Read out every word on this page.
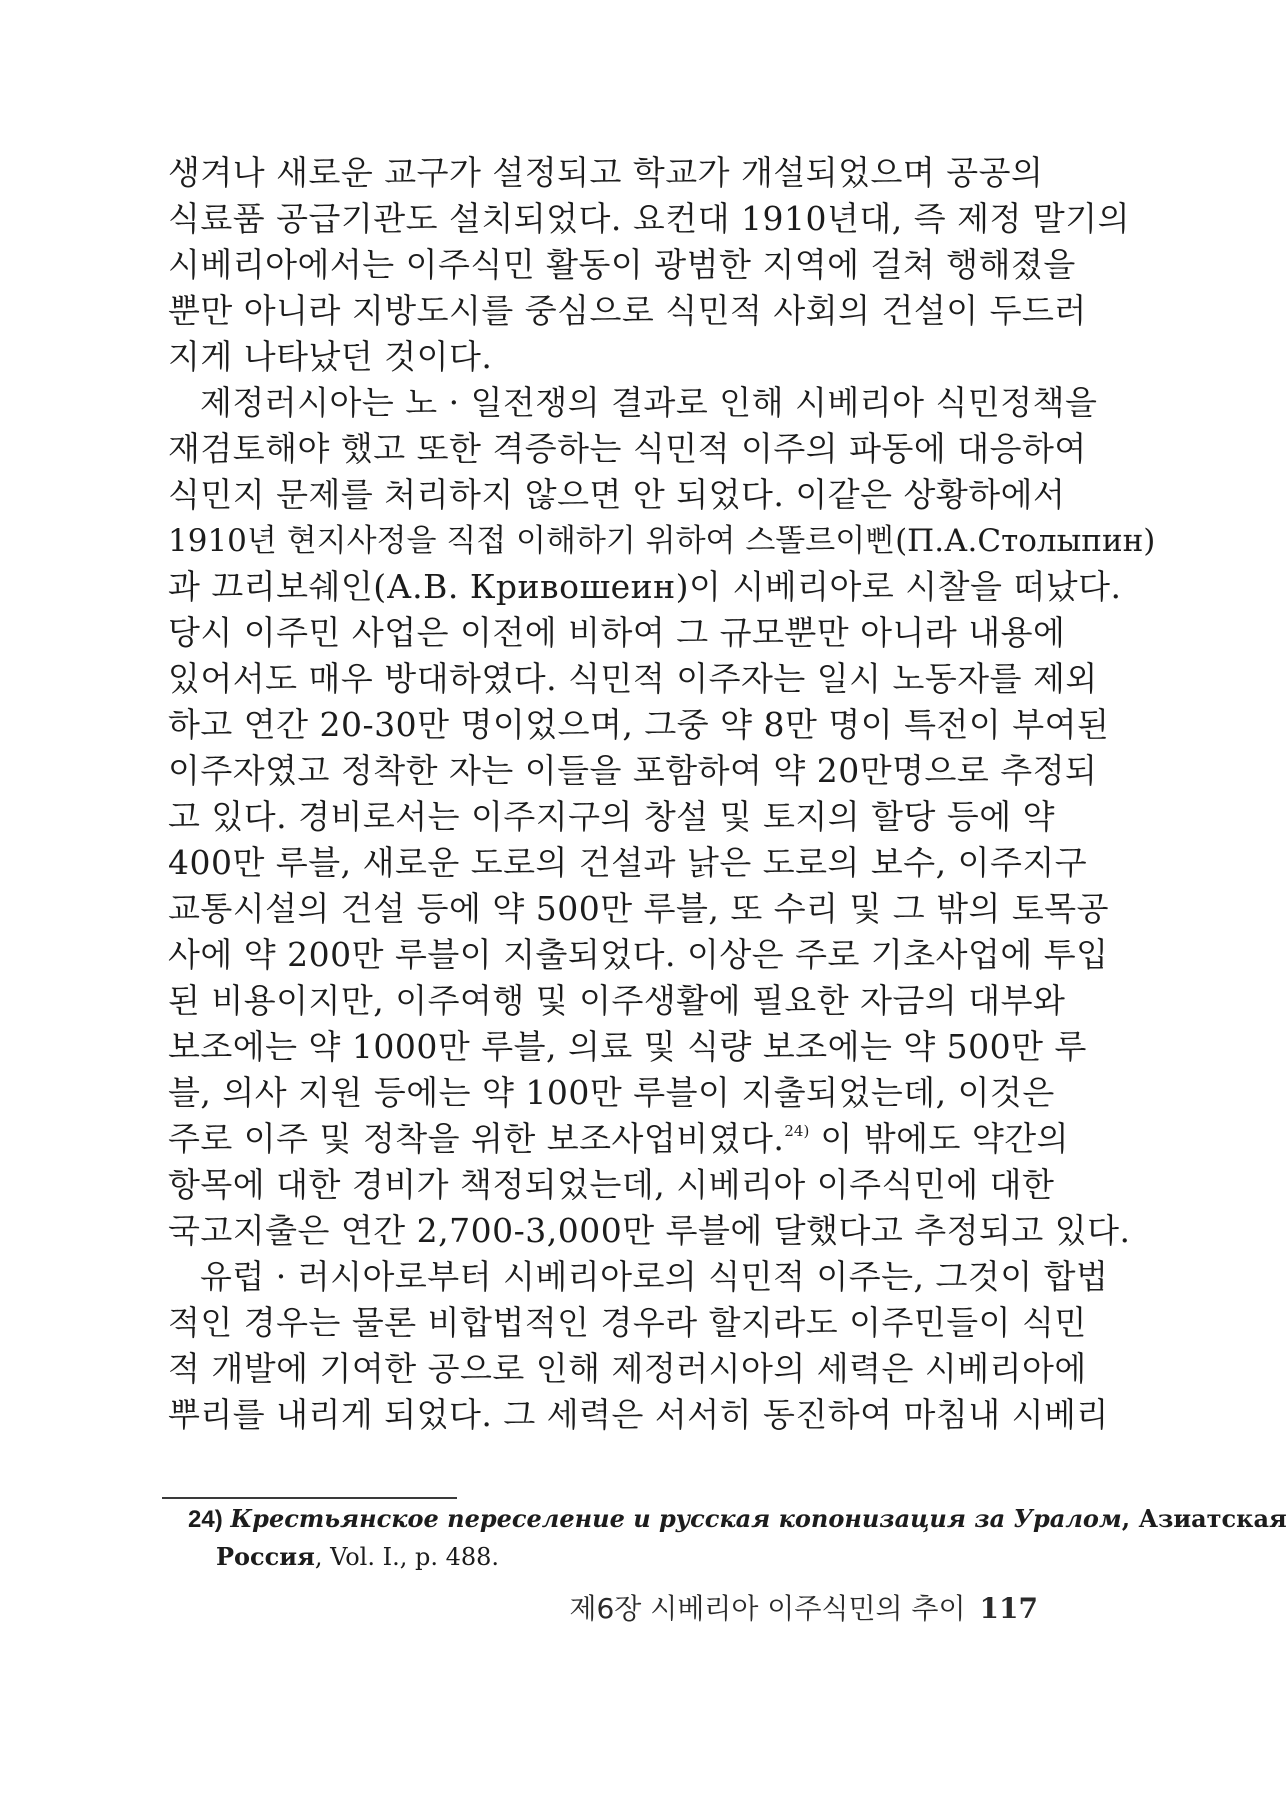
생겨나 새로운 교구가 설정되고 학교가 개설되었으며 공공의
식료품 공급기관도 설치되었다. 요컨대 1910년대, 즉 제정 말기의
시베리아에서는 이주식민 활동이 광범한 지역에 걸쳐 행해졌을
뿐만 아니라 지방도시를 중심으로 식민적 사회의 건설이 두드러
지게 나타났던 것이다.
제정러시아는 노 · 일전쟁의 결과로 인해 시베리아 식민정책을
재검토해야 했고 또한 격증하는 식민적 이주의 파동에 대응하여
식민지 문제를 처리하지 않으면 안 되었다. 이같은 상황하에서
1910년 현지사정을 직접 이해하기 위하여 스똘르이삔(П.А.Столыпин)
과 끄리보쉐인(А.В. Кривошеин)이 시베리아로 시찰을 떠났다.
당시 이주민 사업은 이전에 비하여 그 규모뿐만 아니라 내용에
있어서도 매우 방대하였다. 식민적 이주자는 일시 노동자를 제외
하고 연간 20-30만 명이었으며, 그중 약 8만 명이 특전이 부여된
이주자였고 정착한 자는 이들을 포함하여 약 20만명으로 추정되
고 있다. 경비로서는 이주지구의 창설 및 토지의 할당 등에 약
400만 루블, 새로운 도로의 건설과 낡은 도로의 보수, 이주지구
교통시설의 건설 등에 약 500만 루블, 또 수리 및 그 밖의 토목공
사에 약 200만 루블이 지출되었다. 이상은 주로 기초사업에 투입
된 비용이지만, 이주여행 및 이주생활에 필요한 자금의 대부와
보조에는 약 1000만 루블, 의료 및 식량 보조에는 약 500만 루
블, 의사 지원 등에는 약 100만 루블이 지출되었는데, 이것은
주로 이주 및 정착을 위한 보조사업비였다.$^{24)}$ 이 밖에도 약간의
항목에 대한 경비가 책정되었는데, 시베리아 이주식민에 대한
국고지출은 연간 2,700-3,000만 루블에 달했다고 추정되고 있다.
유럽 · 러시아로부터 시베리아로의 식민적 이주는, 그것이 합법
적인 경우는 물론 비합법적인 경우라 할지라도 이주민들이 식민
적 개발에 기여한 공으로 인해 제정러시아의 세력은 시베리아에
뿌리를 내리게 되었다. 그 세력은 서서히 동진하여 마침내 시베리
24) Крестьянское переселение и русская копонизация за Уралом, Азиатская
Россия, Vol. I., p. 488.
제6장 시베리아 이주식민의 추이 117
